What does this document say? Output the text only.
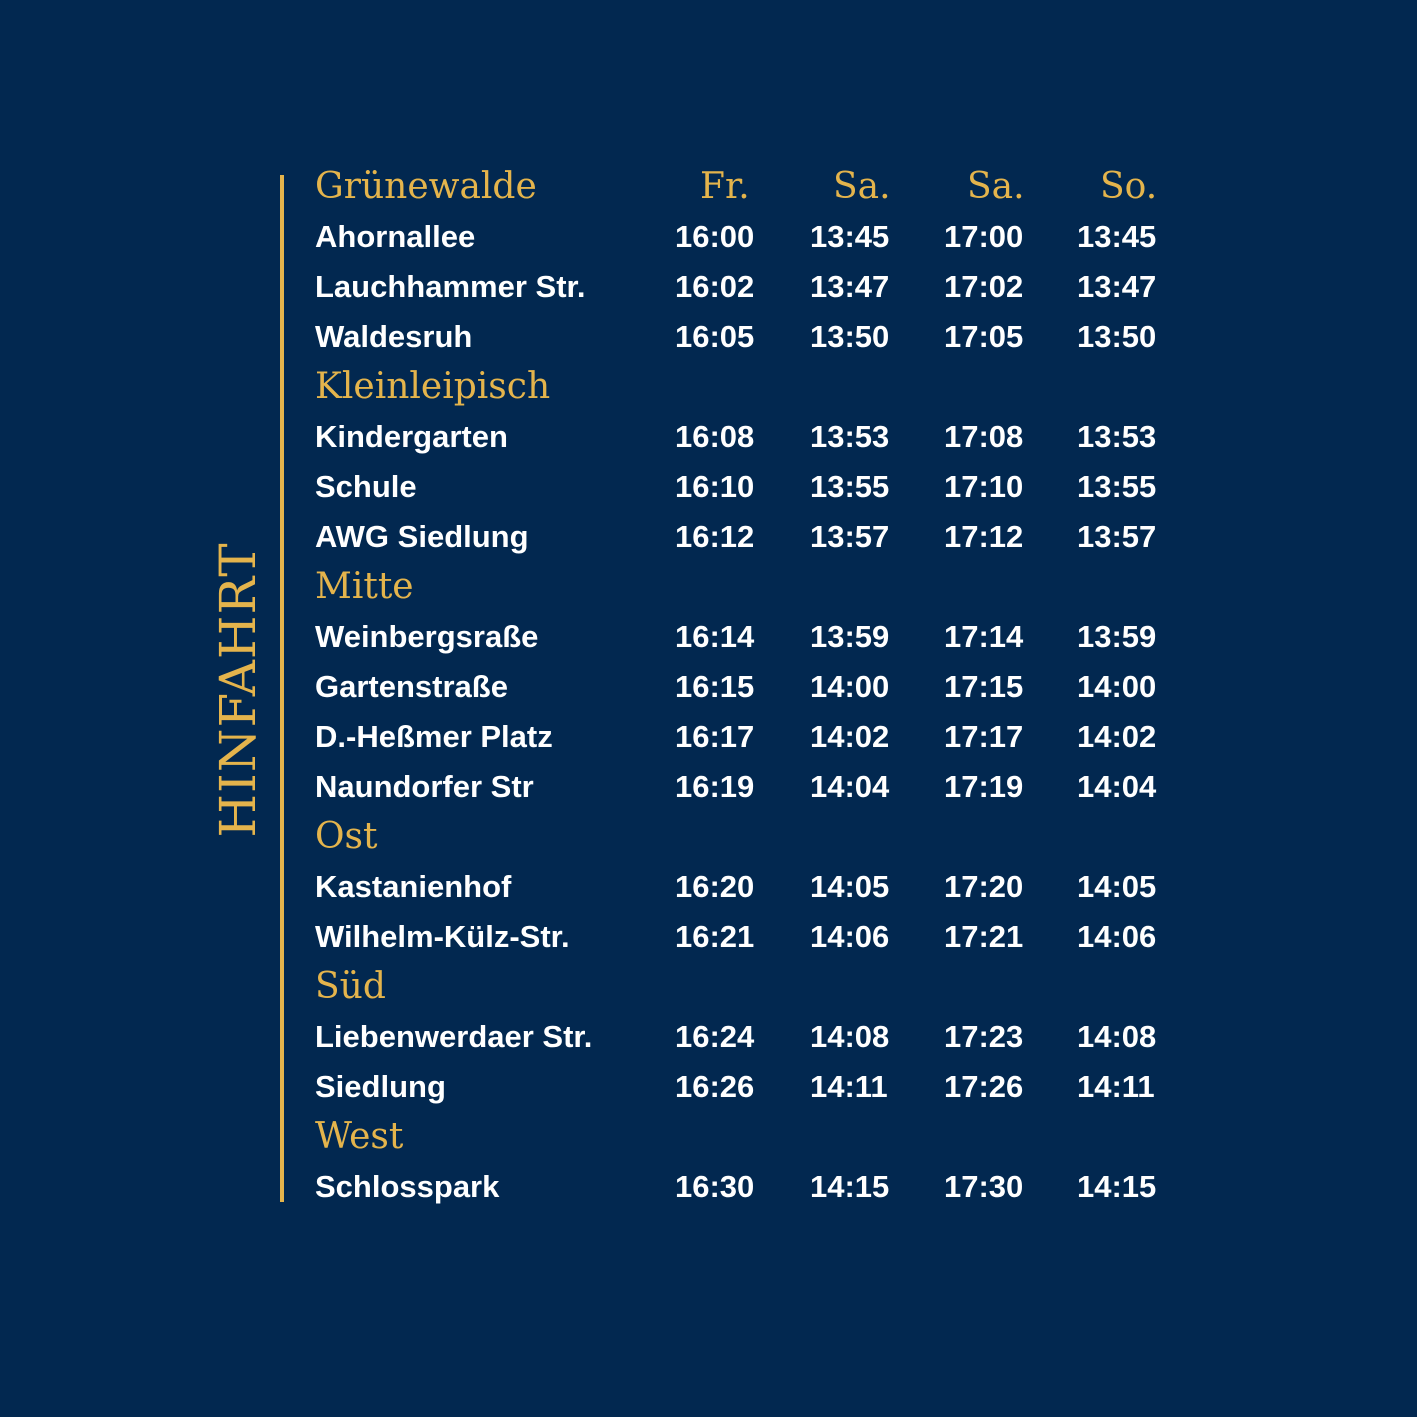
HINFAHRT
Grünewalde	Fr. Sa. Sa. So.
Ahornallee	16:00 13:45 17:00 13:45
Lauchhammer Str.	16:02 13:47 17:02 13:47
Waldesruh	16:05 13:50 17:05 13:50
Kleinleipisch
Kindergarten	16:08 13:53 17:08 13:53
Schule	16:10 13:55 17:10 13:55
AWG Siedlung	16:12 13:57 17:12 13:57
Mitte
Weinbergsraße	16:14 13:59 17:14 13:59
Gartenstraße	16:15 14:00 17:15 14:00
D.-Heßmer Platz	16:17 14:02 17:17 14:02
Naundorfer Str	16:19 14:04 17:19 14:04
Ost
Kastanienhof	16:20 14:05 17:20 14:05
Wilhelm-Külz-Str.	16:21 14:06 17:21 14:06
Süd
Liebenwerdaer Str.	16:24 14:08 17:23 14:08
Siedlung	16:26 14:11 17:26 14:11
West
Schlosspark	16:30 14:15 17:30 14:15
